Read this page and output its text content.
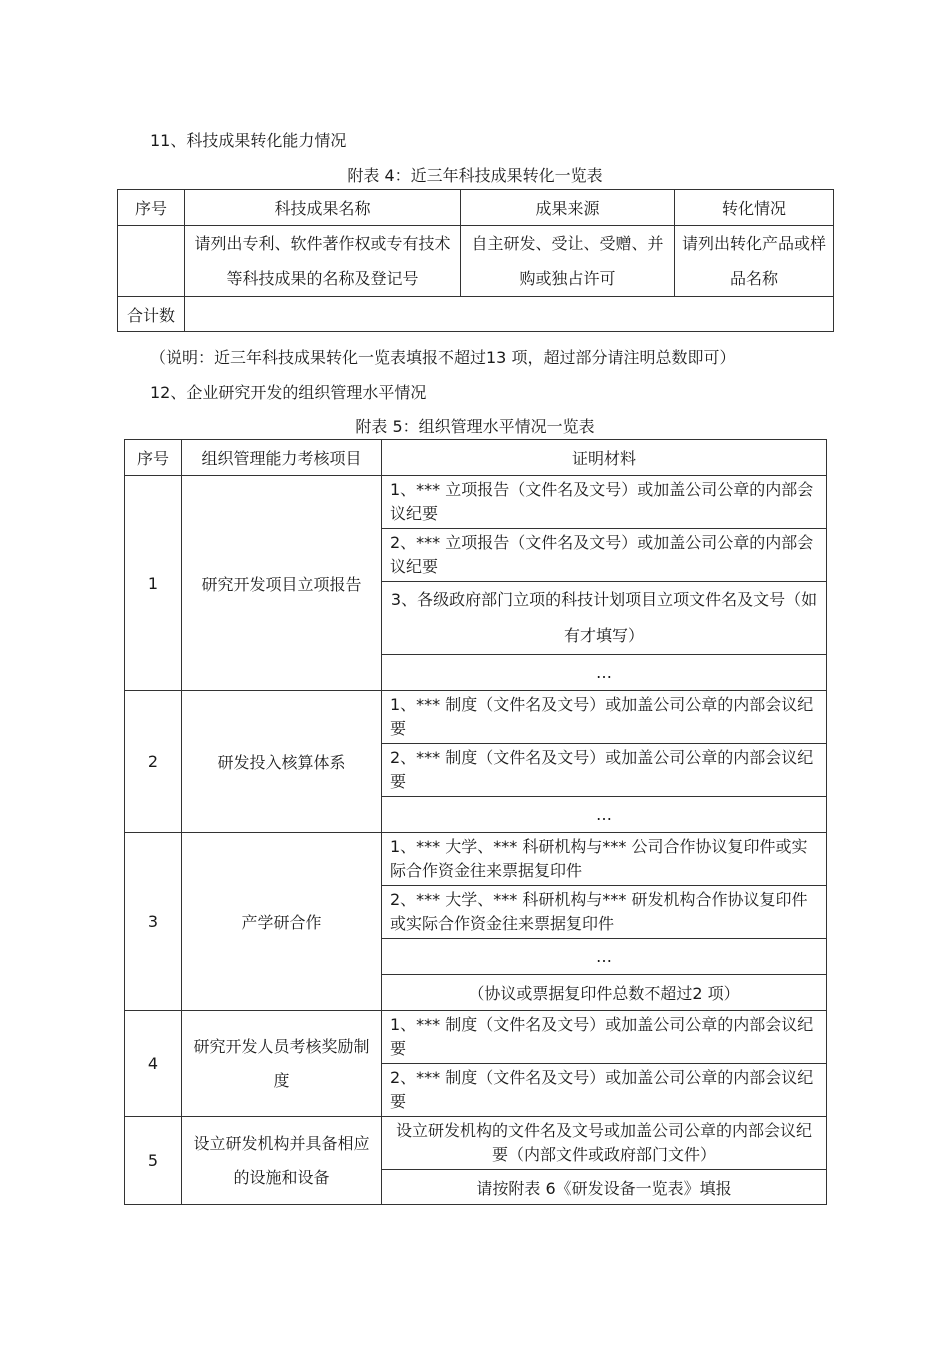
11、科技成果转化能力情况
附表 4：近三年科技成果转化一览表
序号	科技成果名称	成果来源	转化情况
	请列出专利、软件著作权或专有技术等科技成果的名称及登记号	自主研发、受让、受赠、并购或独占许可	请列出转化产品或样品名称
合计数			
（说明：近三年科技成果转化一览表填报不超过13 项，超过部分请注明总数即可）
12、企业研究开发的组织管理水平情况
附表 5：组织管理水平情况一览表
序号	组织管理能力考核项目	证明材料
1	研究开发项目立项报告	1、*** 立项报告（文件名及文号）或加盖公司公章的内部会议纪要
		2、*** 立项报告（文件名及文号）或加盖公司公章的内部会议纪要
		3、各级政府部门立项的科技计划项目立项文件名及文号（如有才填写）
		…
2	研发投入核算体系	1、*** 制度（文件名及文号）或加盖公司公章的内部会议纪要
		2、*** 制度（文件名及文号）或加盖公司公章的内部会议纪要
		…
3	产学研合作	1、*** 大学、*** 科研机构与*** 公司合作协议复印件或实际合作资金往来票据复印件
		2、*** 大学、*** 科研机构与*** 研发机构合作协议复印件或实际合作资金往来票据复印件
		…
		（协议或票据复印件总数不超过2 项）
4	研究开发人员考核奖励制度	1、*** 制度（文件名及文号）或加盖公司公章的内部会议纪要
		2、*** 制度（文件名及文号）或加盖公司公章的内部会议纪要
5	设立研发机构并具备相应的设施和设备	设立研发机构的文件名及文号或加盖公司公章的内部会议纪要（内部文件或政府部门文件）
		请按附表 6《研发设备一览表》填报
